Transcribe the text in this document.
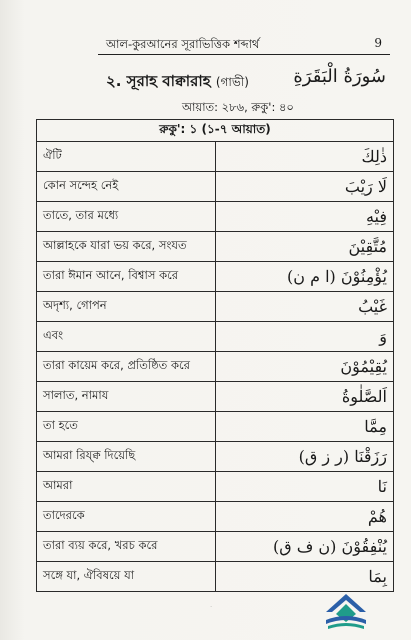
আল-কুরআনের সূরাভিত্তিক শব্দার্থ	9
২. সূরাহ বাক্বারাহ (গাভী) سُورَةُ الْبَقَرَةِ
আয়াত: ২৮৬, রুকু': ৪০
রুকু': ১ (১-৭ আয়াত)	
ঐটি	ذٰلِكَ
কোন সন্দেহ নেই	لَا رَيْبَ
তাতে, তার মধ্যে	فِيْهِ
আল্লাহকে যারা ভয় করে, সংযত	مُتَّقِيْنَ
তারা ঈমান আনে, বিশ্বাস করে	يُؤْمِنُوْنَ (ا م ن)
অদৃশ্য, গোপন	غَيْبُ
এবং	وَ
তারা কায়েম করে, প্রতিষ্ঠিত করে	يُقِيْمُوْنَ
সালাত, নামায	اَلصَّلٰوةُ
তা হতে	مِمَّا
আমরা রিয্‌ক্ব দিয়েছি	رَزَقْنَا (ر ز ق)
আমরা	نَا
তাদেরকে	هُمْ
তারা ব্যয় করে, খরচ করে	يُنْفِقُوْنَ (ن ف ق)
সঙ্গে যা, ঐবিষয়ে যা	بِمَا
·
